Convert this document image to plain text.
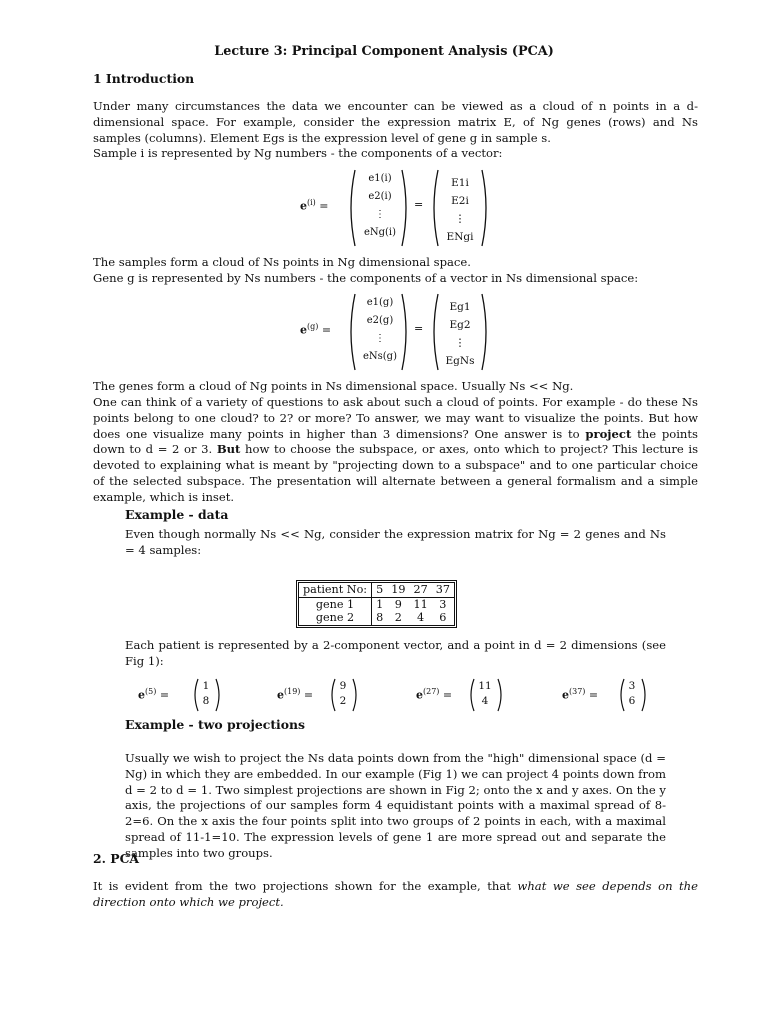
Lecture 3: Principal Component Analysis (PCA)
1 Introduction
Under many circumstances the data we encounter can be viewed as a cloud of n points in a d-dimensional space. For example, consider the expression matrix E, of Ng genes (rows) and Ns samples (columns). Element Egs is the expression level of gene g in sample s.
Sample i is represented by Ng numbers - the components of a vector:
$e^{(i)}$ =
e1(i)
e2(i)
⋮
eNg(i)
=
E1i
E2i
⋮
ENgi
The samples form a cloud of Ns points in Ng dimensional space.
Gene g is represented by Ns numbers - the components of a vector in Ns dimensional space:
$e^{(g)}$ =
e1(g)
e2(g)
⋮
eNs(g)
=
Eg1
Eg2
⋮
EgNs
The genes form a cloud of Ng points in Ns dimensional space. Usually Ns << Ng.
One can think of a variety of questions to ask about such a cloud of points. For example - do these Ns points belong to one cloud? to 2? or more? To answer, we may want to visualize the points. But how does one visualize many points in higher than 3 dimensions? One answer is to project the points down to d = 2 or 3. But how to choose the subspace, or axes, onto which to project? This lecture is devoted to explaining what is meant by "projecting down to a subspace" and to one particular choice of the selected subspace. The presentation will alternate between a general formalism and a simple example, which is inset.
Example - data
Even though normally Ns << Ng, consider the expression matrix for Ng = 2 genes and Ns = 4 samples:
patient No:	5	19	27	37
gene 1	1	9	11	3
gene 2	8	2	4	6
Each patient is represented by a 2-component vector, and a point in d = 2 dimensions (see Fig 1):
$e^{(5)}$ =
1
8	$e^{(19)}$ =
9
2	$e^{(27)}$ =
11
4	$e^{(37)}$ =
3
6
Example - two projections
Usually we wish to project the Ns data points down from the "high" dimensional space (d = Ng) in which they are embedded. In our example (Fig 1) we can project 4 points down from d = 2 to d = 1. Two simplest projections are shown in Fig 2; onto the x and y axes. On the y axis, the projections of our samples form 4 equidistant points with a maximal spread of 8-2=6. On the x axis the four points split into two groups of 2 points in each, with a maximal spread of 11-1=10. The expression levels of gene 1 are more spread out and separate the samples into two groups.
2. PCA
It is evident from the two projections shown for the example, that what we see depends on the direction onto which we project.
